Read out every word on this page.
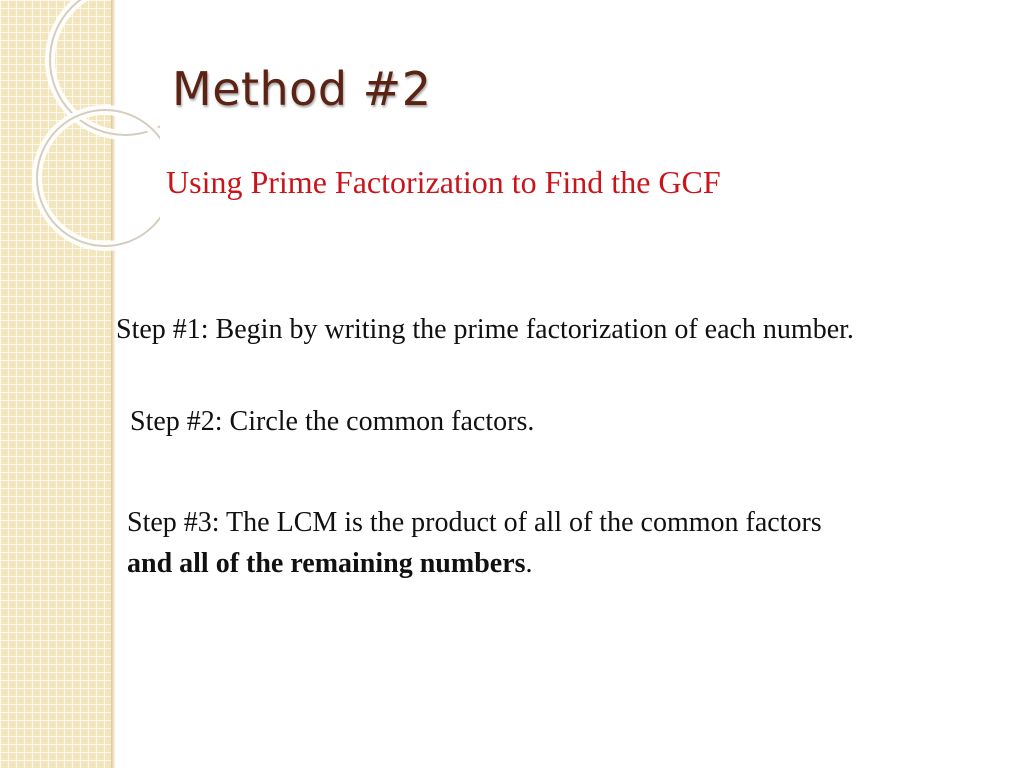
Method #2

Using Prime Factorization to Find the GCF

Step #1: Begin by writing the prime factorization of each number.

Step #2: Circle the common factors.

Step #3: The LCM is the product of all of the common factors
and all of the remaining numbers.
